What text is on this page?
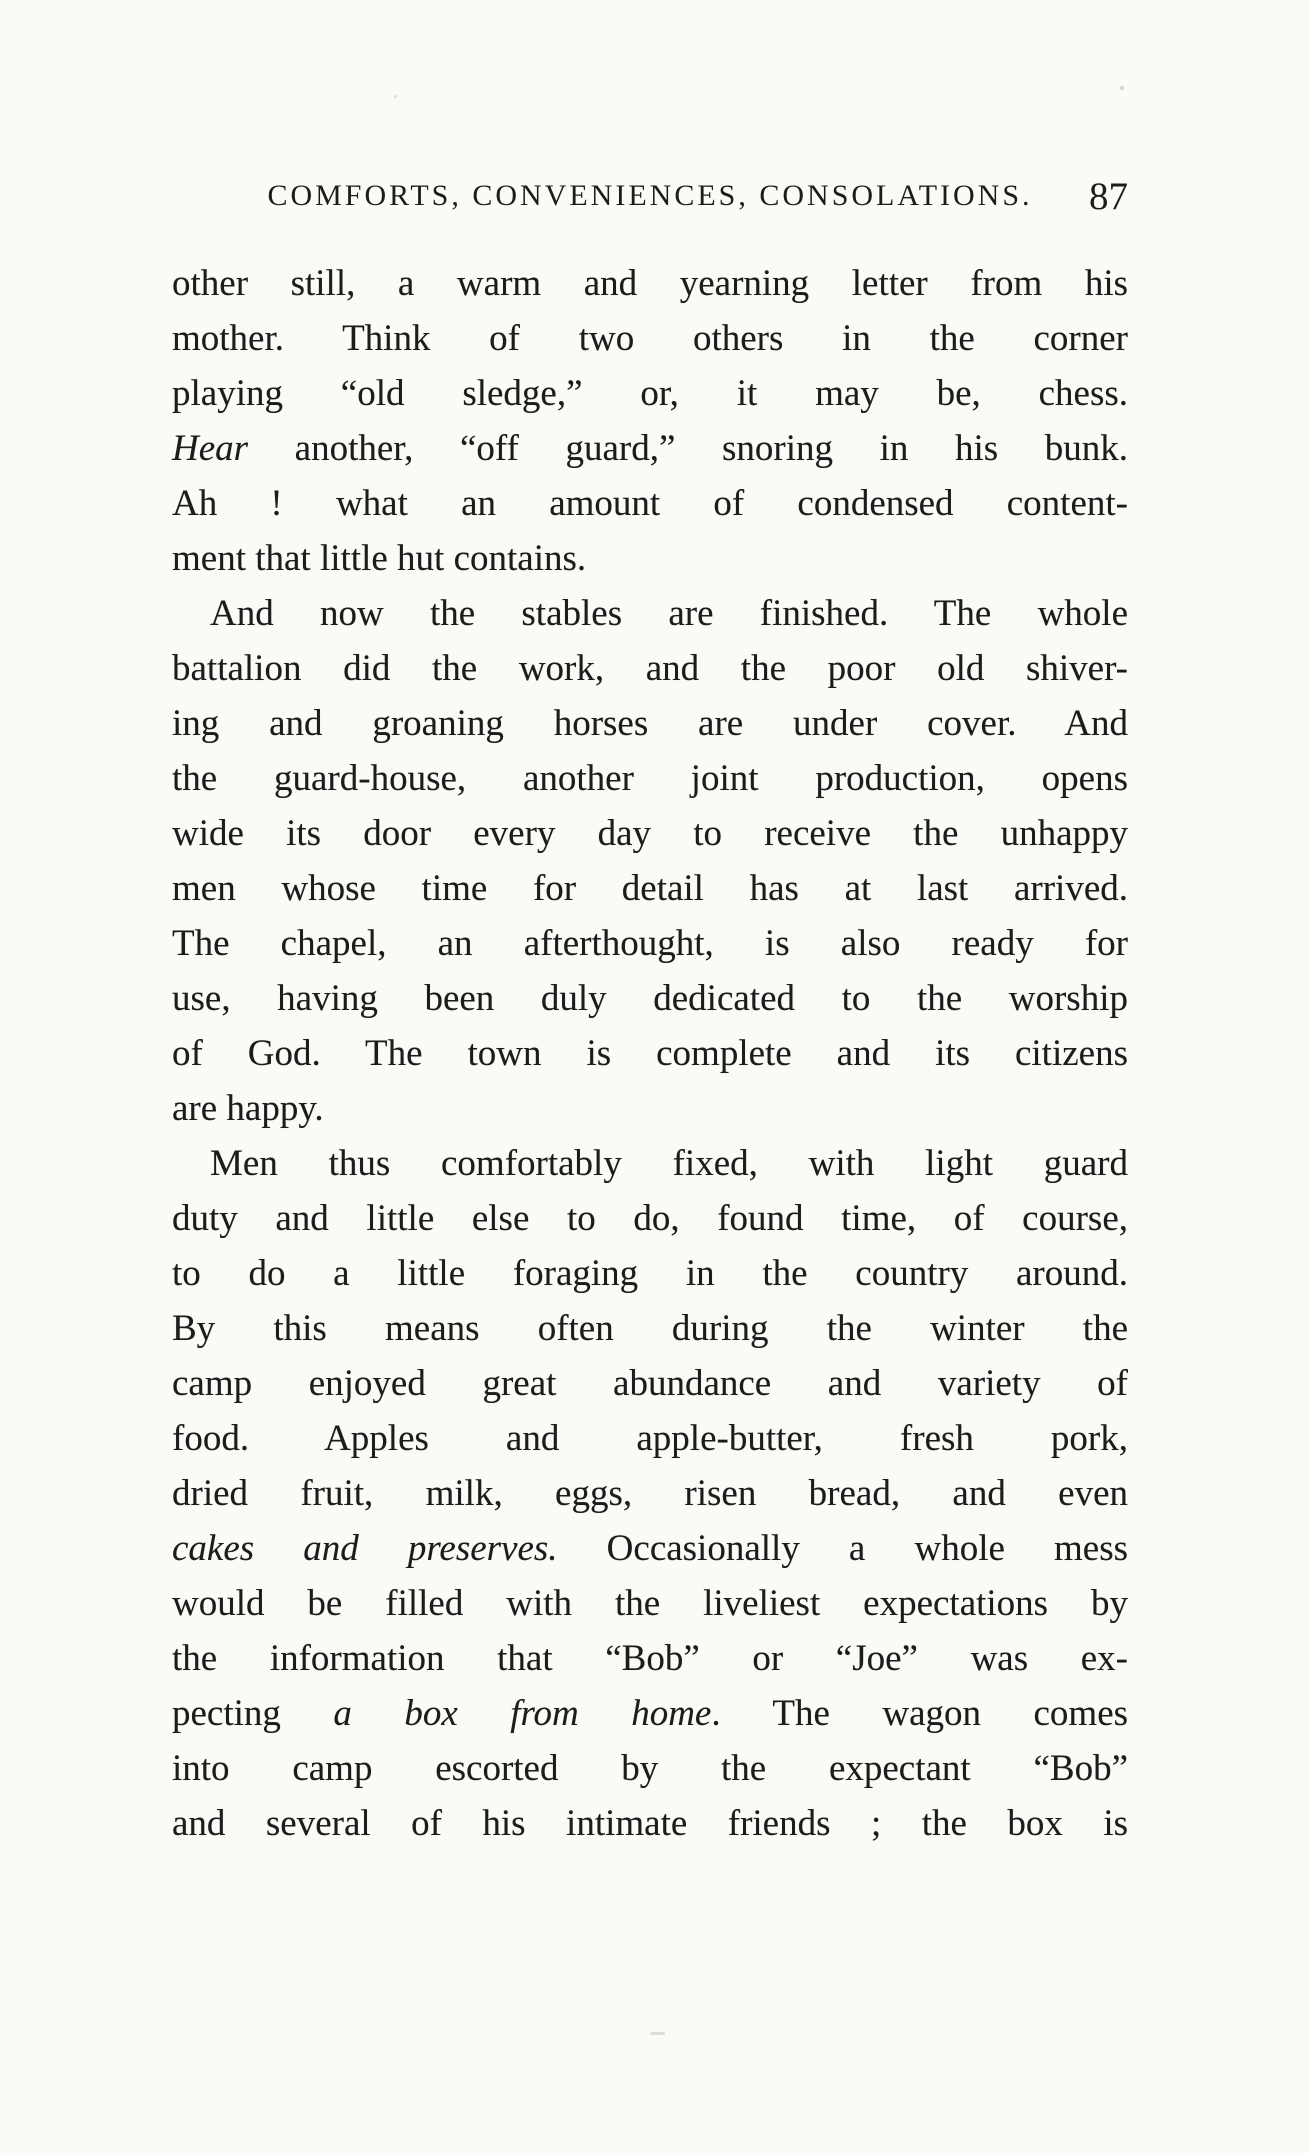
COMFORTS, CONVENIENCES, CONSOLATIONS.	87
other still, a warm and yearning letter from his
mother. Think of two others in the corner
playing “old sledge,” or, it may be, chess.
Hear another, “off guard,” snoring in his bunk.
Ah ! what an amount of condensed content-
ment that little hut contains.
And now the stables are finished. The whole
battalion did the work, and the poor old shiver-
ing and groaning horses are under cover. And
the guard-house, another joint production, opens
wide its door every day to receive the unhappy
men whose time for detail has at last arrived.
The chapel, an afterthought, is also ready for
use, having been duly dedicated to the worship
of God. The town is complete and its citizens
are happy.
Men thus comfortably fixed, with light guard
duty and little else to do, found time, of course,
to do a little foraging in the country around.
By this means often during the winter the
camp enjoyed great abundance and variety of
food. Apples and apple-butter, fresh pork,
dried fruit, milk, eggs, risen bread, and even
cakes and preserves. Occasionally a whole mess
would be filled with the liveliest expectations by
the information that “Bob” or “Joe” was ex-
pecting a box from home. The wagon comes
into camp escorted by the expectant “Bob”
and several of his intimate friends ; the box is
